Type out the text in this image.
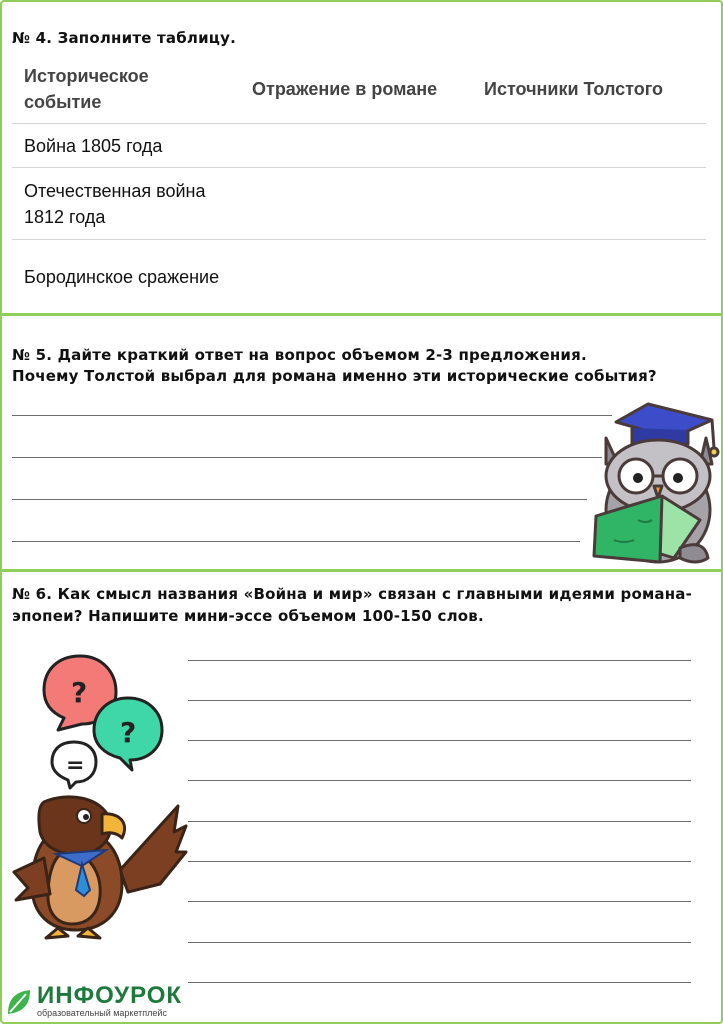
№ 4. Заполните таблицу.
Историческое событие	Отражение в романе	Источники Толстого
Война 1805 года		
Отечественная война 1812 года		
Бородинское сражение		
№ 5. Дайте краткий ответ на вопрос объемом 2-3 предложения.
Почему Толстой выбрал для романа именно эти исторические события?
№ 6. Как смысл названия «Война и мир» связан с главными идеями романа-
эпопеи? Напишите мини-эссе объемом 100-150 слов.
?
?
=
ИНФОУРОК
образовательный маркетплейс
